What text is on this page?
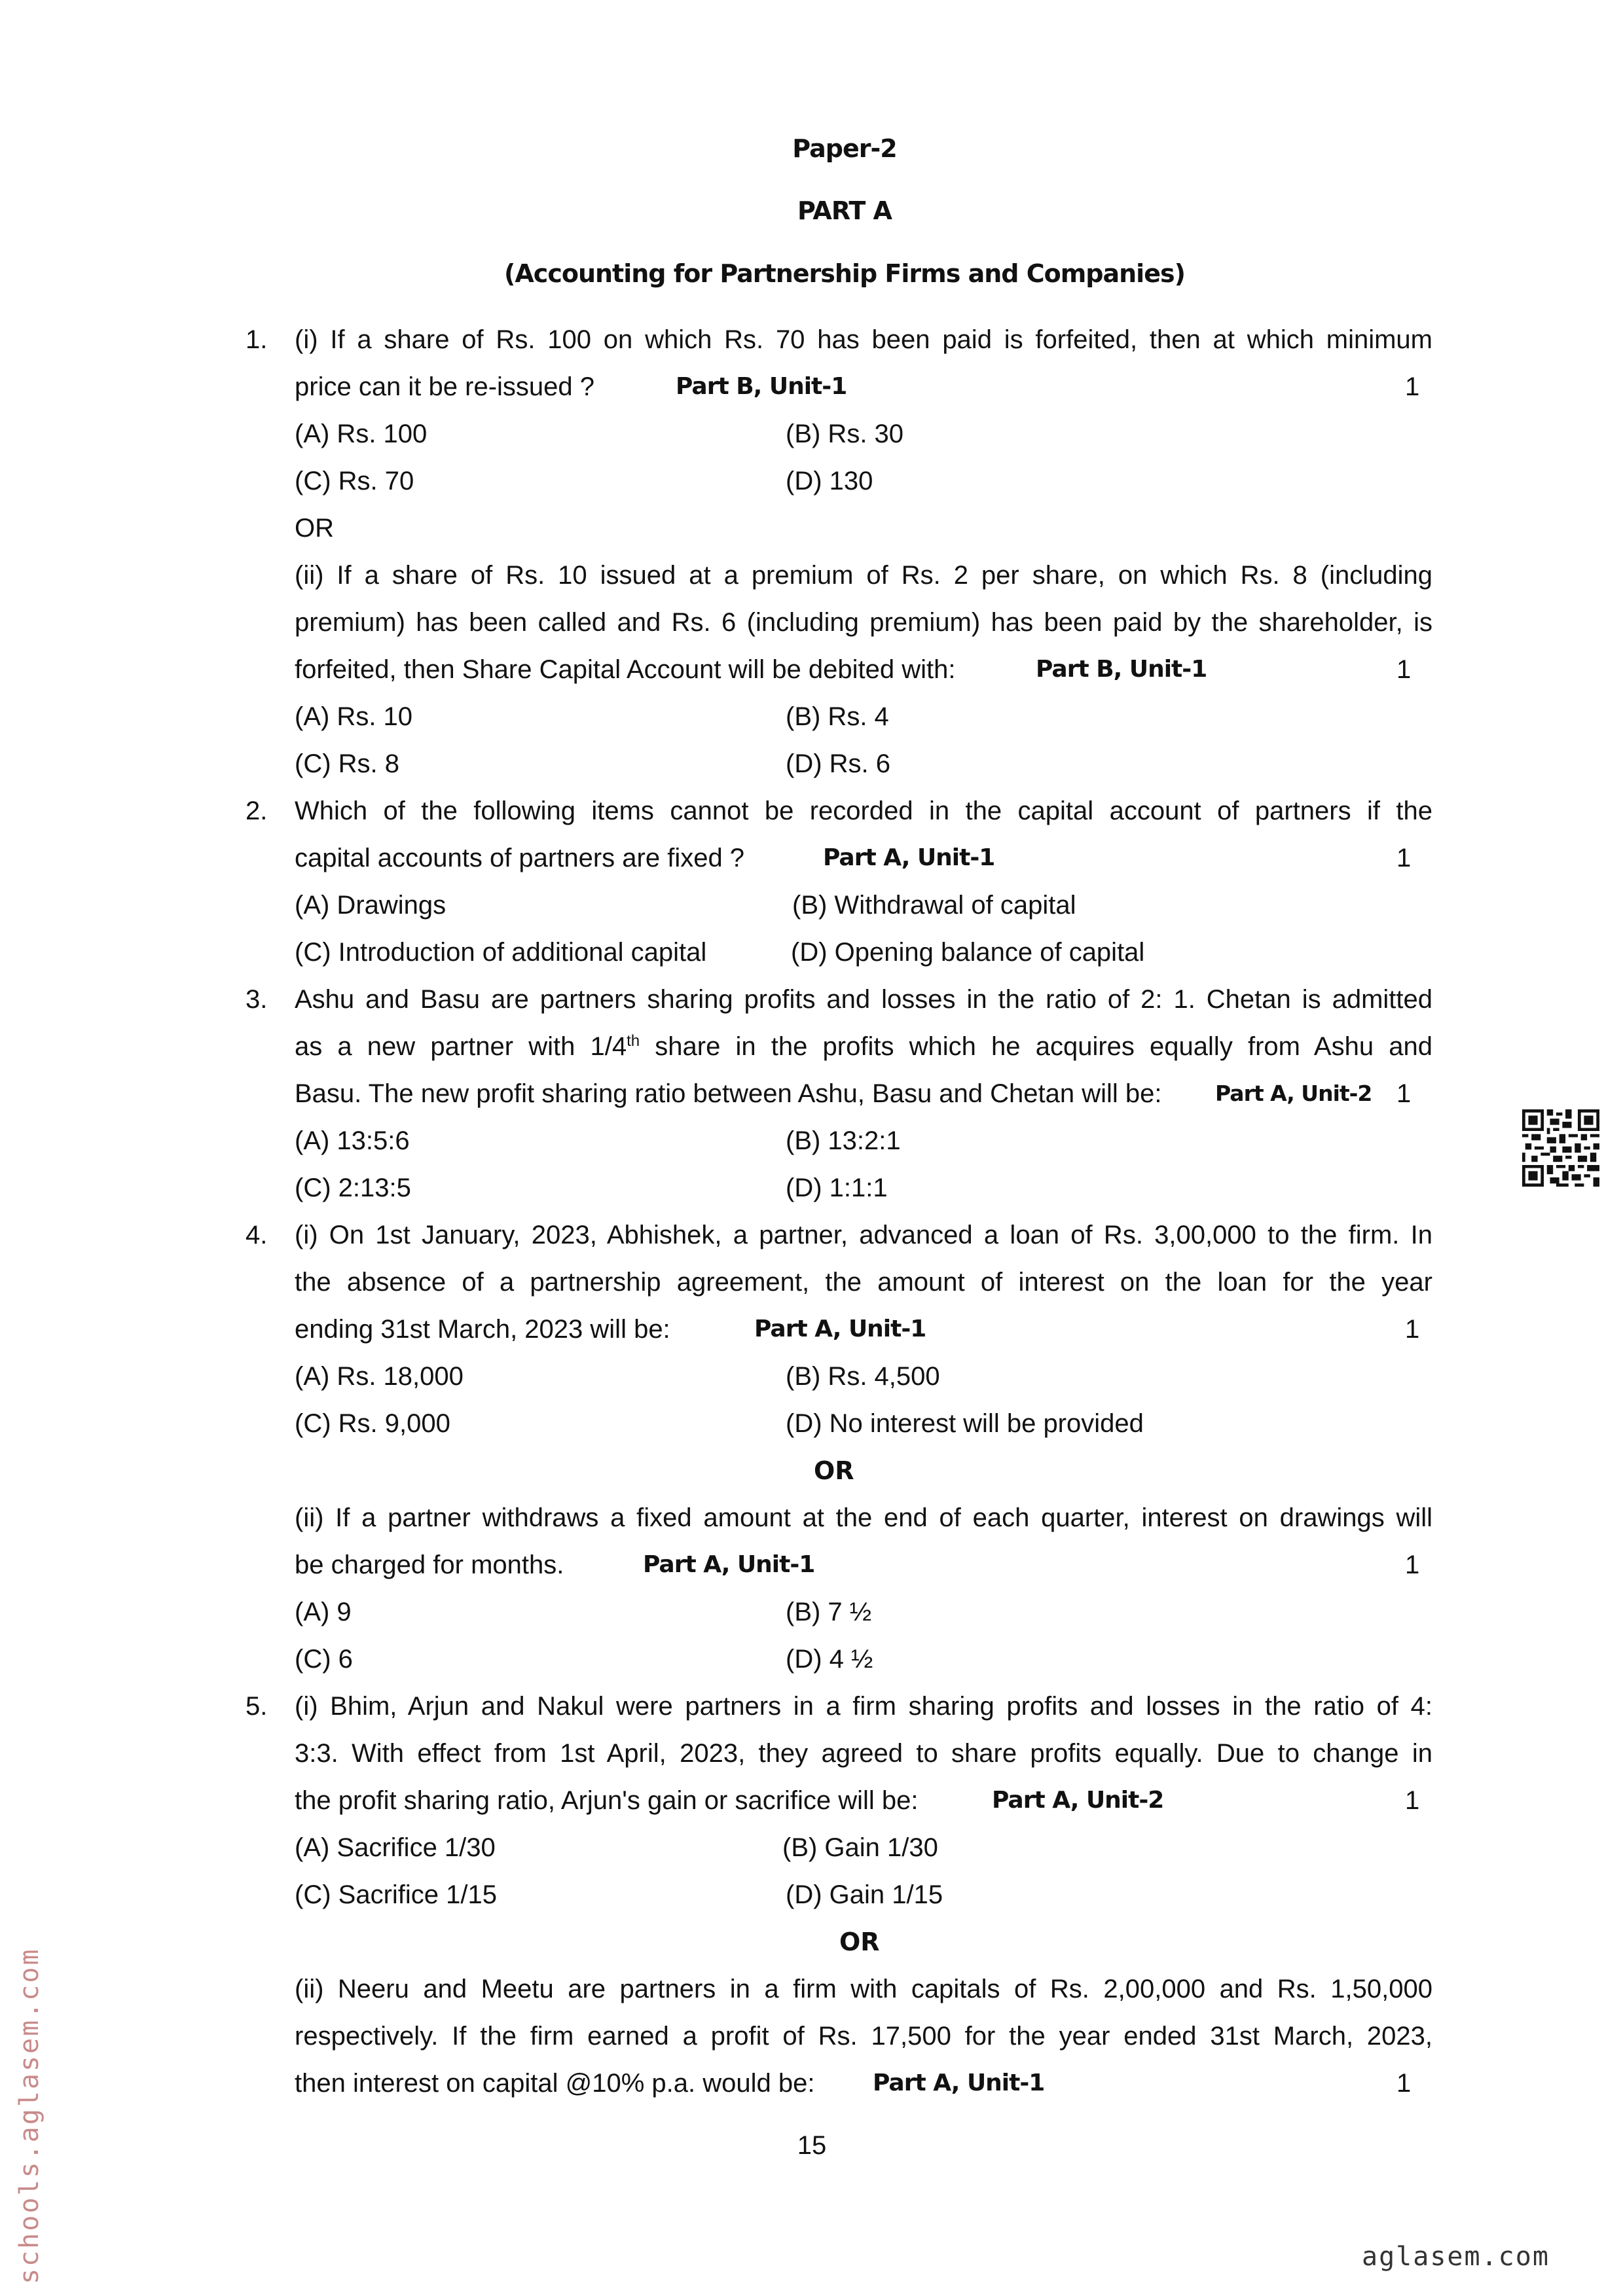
Paper-2
PART A
(Accounting for Partnership Firms and Companies)
1. (i) If a share of Rs. 100 on which Rs. 70 has been paid is forfeited, then at which minimum
price can it be re-issued ?	Part B, Unit-1	1
(A) Rs. 100	(B) Rs. 30
(C) Rs. 70	(D) 130
OR
(ii) If a share of Rs. 10 issued at a premium of Rs. 2 per share, on which Rs. 8 (including
premium) has been called and Rs. 6 (including premium) has been paid by the shareholder, is
forfeited, then Share Capital Account will be debited with:	Part B, Unit-1	1
(A) Rs. 10	(B) Rs. 4
(C) Rs. 8	(D) Rs. 6
2. Which of the following items cannot be recorded in the capital account of partners if the
capital accounts of partners are fixed ?	Part A, Unit-1	1
(A) Drawings	(B) Withdrawal of capital
(C) Introduction of additional capital	(D) Opening balance of capital
3. Ashu and Basu are partners sharing profits and losses in the ratio of 2: 1. Chetan is admitted
as a new partner with 1/4th share in the profits which he acquires equally from Ashu and
Basu. The new profit sharing ratio between Ashu, Basu and Chetan will be:	Part A, Unit-2 1
(A) 13:5:6	(B) 13:2:1
(C) 2:13:5	(D) 1:1:1
4. (i) On 1st January, 2023, Abhishek, a partner, advanced a loan of Rs. 3,00,000 to the firm. In
the absence of a partnership agreement, the amount of interest on the loan for the year
ending 31st March, 2023 will be:	Part A, Unit-1	1
(A) Rs. 18,000	(B) Rs. 4,500
(C) Rs. 9,000	(D) No interest will be provided
OR
(ii) If a partner withdraws a fixed amount at the end of each quarter, interest on drawings will
be charged for months.	Part A, Unit-1	1
(A) 9	(B) 7 ½
(C) 6	(D) 4 ½
5. (i) Bhim, Arjun and Nakul were partners in a firm sharing profits and losses in the ratio of 4:
3:3. With effect from 1st April, 2023, they agreed to share profits equally. Due to change in
the profit sharing ratio, Arjun's gain or sacrifice will be:	Part A, Unit-2	1
(A) Sacrifice 1/30	(B) Gain 1/30
(C) Sacrifice 1/15	(D) Gain 1/15
OR
(ii) Neeru and Meetu are partners in a firm with capitals of Rs. 2,00,000 and Rs. 1,50,000
respectively. If the firm earned a profit of Rs. 17,500 for the year ended 31st March, 2023,
then interest on capital @10% p.a. would be:	Part A, Unit-1	1
15
schools.aglasem.com	aglasem.com
